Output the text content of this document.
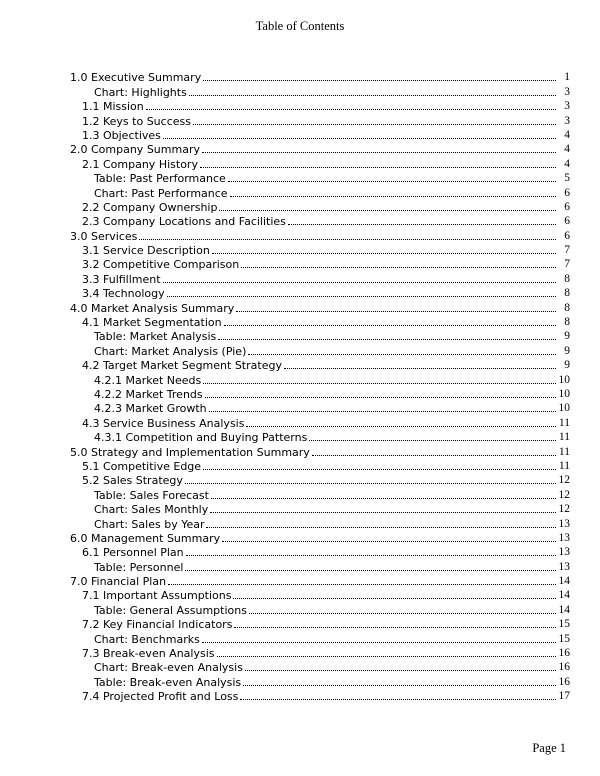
Table of Contents
1.0 Executive Summary	1
Chart: Highlights	3
1.1 Mission	3
1.2 Keys to Success	3
1.3 Objectives	4
2.0 Company Summary	4
2.1 Company History	4
Table: Past Performance	5
Chart: Past Performance	6
2.2 Company Ownership	6
2.3 Company Locations and Facilities	6
3.0 Services	6
3.1 Service Description	7
3.2 Competitive Comparison	7
3.3 Fulfillment	8
3.4 Technology	8
4.0 Market Analysis Summary	8
4.1 Market Segmentation	8
Table: Market Analysis	9
Chart: Market Analysis (Pie)	9
4.2 Target Market Segment Strategy	9
4.2.1 Market Needs	10
4.2.2 Market Trends	10
4.2.3 Market Growth	10
4.3 Service Business Analysis	11
4.3.1 Competition and Buying Patterns	11
5.0 Strategy and Implementation Summary	11
5.1 Competitive Edge	11
5.2 Sales Strategy	12
Table: Sales Forecast	12
Chart: Sales Monthly	12
Chart: Sales by Year	13
6.0 Management Summary	13
6.1 Personnel Plan	13
Table: Personnel	13
7.0 Financial Plan	14
7.1 Important Assumptions	14
Table: General Assumptions	14
7.2 Key Financial Indicators	15
Chart: Benchmarks	15
7.3 Break-even Analysis	16
Chart: Break-even Analysis	16
Table: Break-even Analysis	16
7.4 Projected Profit and Loss	17
Page 1
